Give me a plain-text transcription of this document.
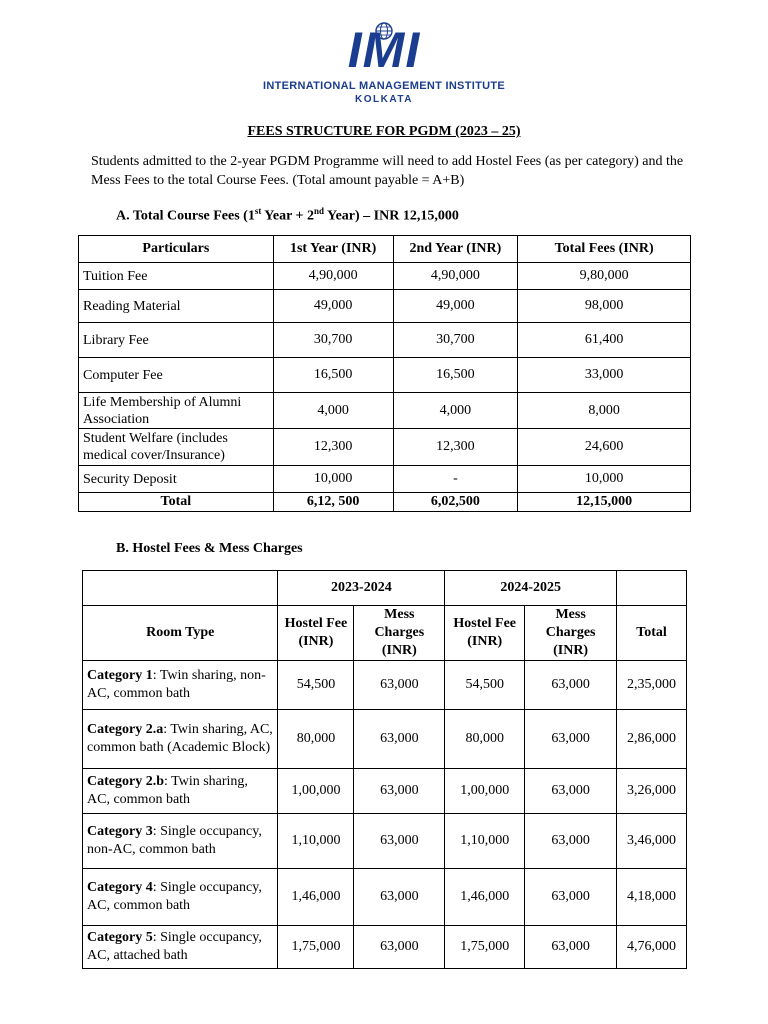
IMI
INTERNATIONAL MANAGEMENT INSTITUTE
KOLKATA
FEES STRUCTURE FOR PGDM (2023 – 25)
Students admitted to the 2-year PGDM Programme will need to add Hostel Fees (as per category) and the Mess Fees to the total Course Fees. (Total amount payable = A+B)
A. Total Course Fees (1st Year + 2nd Year) – INR 12,15,000
Particulars	1st Year (INR)	2nd Year (INR)	Total Fees (INR)
Tuition Fee	4,90,000	4,90,000	9,80,000
Reading Material	49,000	49,000	98,000
Library Fee	30,700	30,700	61,400
Computer Fee	16,500	16,500	33,000
Life Membership of Alumni Association	4,000	4,000	8,000
Student Welfare (includes medical cover/Insurance)	12,300	12,300	24,600
Security Deposit	10,000	-	10,000
Total	6,12, 500	6,02,500	12,15,000
B. Hostel Fees & Mess Charges
	2023-2024		2024-2025		
Room Type	Hostel Fee (INR)	Mess Charges (INR)	Hostel Fee (INR)	Mess Charges (INR)	Total
Category 1: Twin sharing, non-AC, common bath	54,500	63,000	54,500	63,000	2,35,000
Category 2.a: Twin sharing, AC, common bath (Academic Block)	80,000	63,000	80,000	63,000	2,86,000
Category 2.b: Twin sharing, AC, common bath	1,00,000	63,000	1,00,000	63,000	3,26,000
Category 3: Single occupancy, non-AC, common bath	1,10,000	63,000	1,10,000	63,000	3,46,000
Category 4: Single occupancy, AC, common bath	1,46,000	63,000	1,46,000	63,000	4,18,000
Category 5: Single occupancy, AC, attached bath	1,75,000	63,000	1,75,000	63,000	4,76,000
